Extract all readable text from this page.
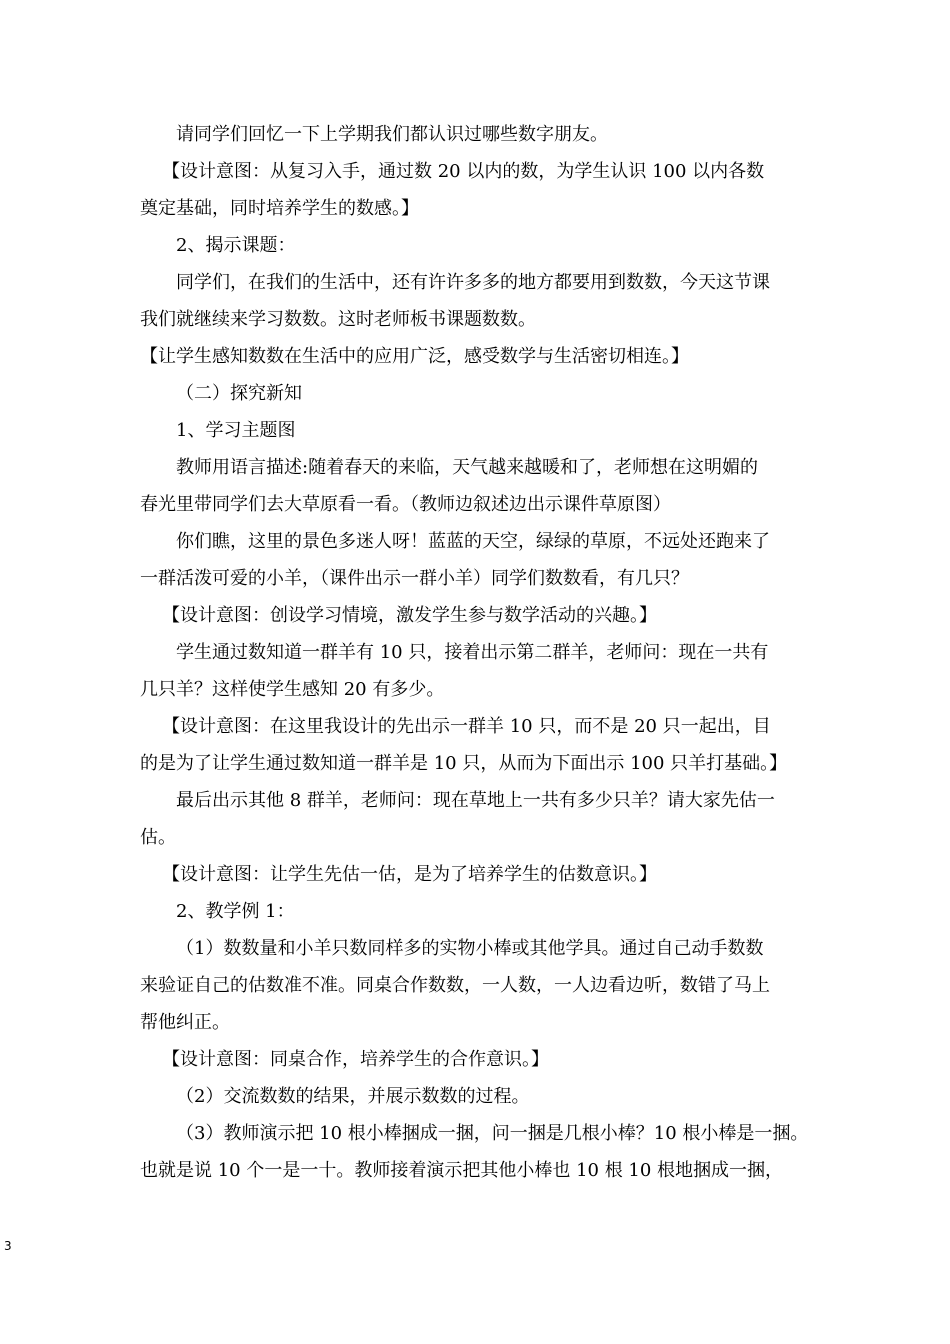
请同学们回忆一下上学期我们都认识过哪些数字朋友。
【设计意图：从复习入手，通过数 20 以内的数，为学生认识 100 以内各数
奠定基础，同时培养学生的数感。】
2、揭示课题：
同学们，在我们的生活中，还有许许多多的地方都要用到数数，今天这节课
我们就继续来学习数数。这时老师板书课题数数。
【让学生感知数数在生活中的应用广泛，感受数学与生活密切相连。】
（二）探究新知
1、学习主题图
教师用语言描述:随着春天的来临，天气越来越暖和了，老师想在这明媚的
春光里带同学们去大草原看一看。（教师边叙述边出示课件草原图）
你们瞧，这里的景色多迷人呀！蓝蓝的天空，绿绿的草原，不远处还跑来了
一群活泼可爱的小羊，（课件出示一群小羊）同学们数数看，有几只？
【设计意图：创设学习情境，激发学生参与数学活动的兴趣。】
学生通过数知道一群羊有 10 只，接着出示第二群羊，老师问：现在一共有
几只羊？这样使学生感知 20 有多少。
【设计意图：在这里我设计的先出示一群羊 10 只，而不是 20 只一起出，目
的是为了让学生通过数知道一群羊是 10 只，从而为下面出示 100 只羊打基础。】
最后出示其他 8 群羊，老师问：现在草地上一共有多少只羊？请大家先估一
估。
【设计意图：让学生先估一估，是为了培养学生的估数意识。】
2、教学例 1：
（1）数数量和小羊只数同样多的实物小棒或其他学具。通过自己动手数数
来验证自己的估数准不准。同桌合作数数，一人数，一人边看边听，数错了马上
帮他纠正。
【设计意图：同桌合作，培养学生的合作意识。】
（2）交流数数的结果，并展示数数的过程。
（3）教师演示把 10 根小棒捆成一捆，问一捆是几根小棒？10 根小棒是一捆。
也就是说 10 个一是一十。教师接着演示把其他小棒也 10 根 10 根地捆成一捆，
3
